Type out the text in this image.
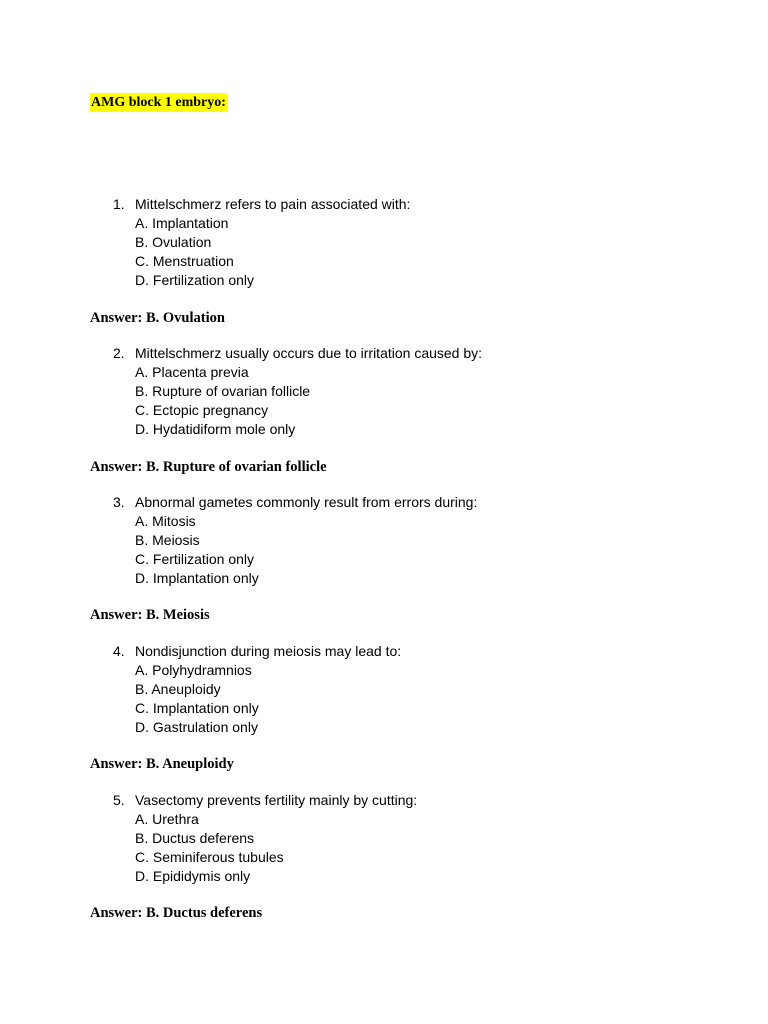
AMG block 1 embryo:
1. Mittelschmerz refers to pain associated with:
A. Implantation
B. Ovulation
C. Menstruation
D. Fertilization only
Answer: B. Ovulation
2. Mittelschmerz usually occurs due to irritation caused by:
A. Placenta previa
B. Rupture of ovarian follicle
C. Ectopic pregnancy
D. Hydatidiform mole only
Answer: B. Rupture of ovarian follicle
3. Abnormal gametes commonly result from errors during:
A. Mitosis
B. Meiosis
C. Fertilization only
D. Implantation only
Answer: B. Meiosis
4. Nondisjunction during meiosis may lead to:
A. Polyhydramnios
B. Aneuploidy
C. Implantation only
D. Gastrulation only
Answer: B. Aneuploidy
5. Vasectomy prevents fertility mainly by cutting:
A. Urethra
B. Ductus deferens
C. Seminiferous tubules
D. Epididymis only
Answer: B. Ductus deferens
